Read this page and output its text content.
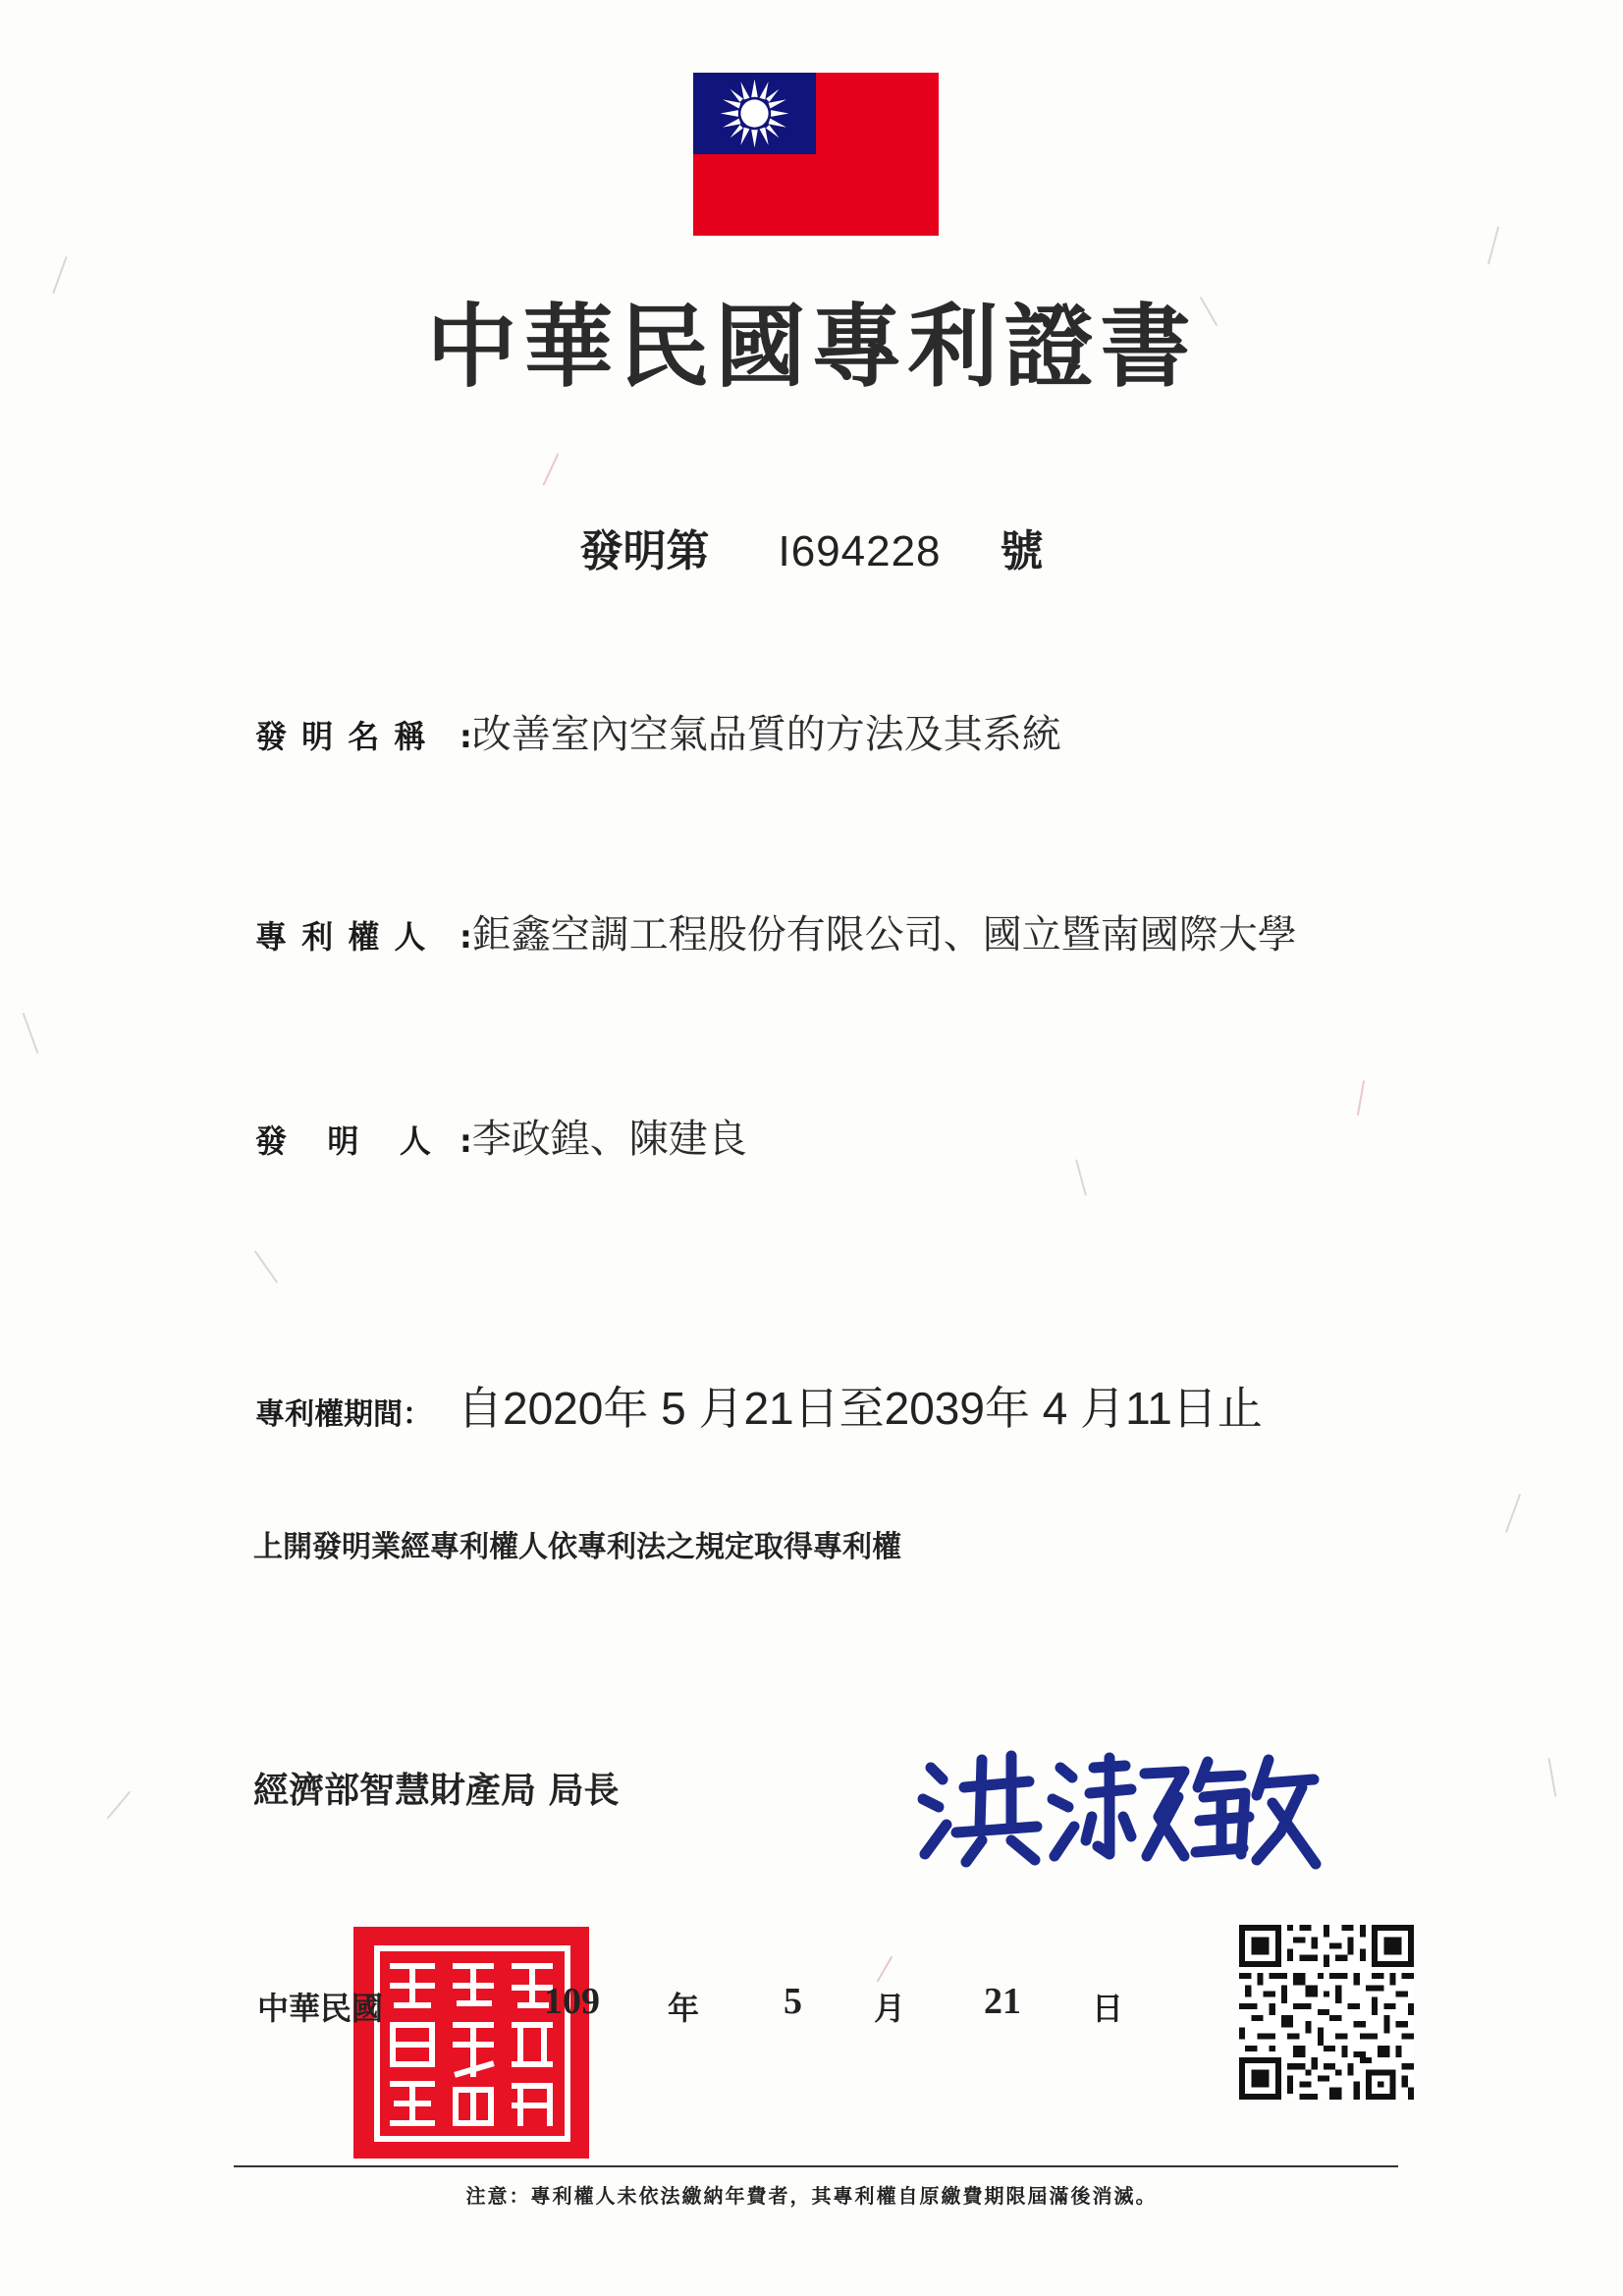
中華民國專利證書
發明第 I694228 號
發 明 名 稱 :改善室內空氣品質的方法及其系統
專 利 權 人 :鉅鑫空調工程股份有限公司、國立暨南國際大學
發   明   人 :李政鍠、陳建良
專利權期間： 自2020年 5 月21日至2039年 4 月11日止
上開發明業經專利權人依專利法之規定取得專利權
經濟部智慧財產局 局長
中華民國	109 年 5 月 21 日
注意：專利權人未依法繳納年費者，其專利權自原繳費期限屆滿後消滅。
